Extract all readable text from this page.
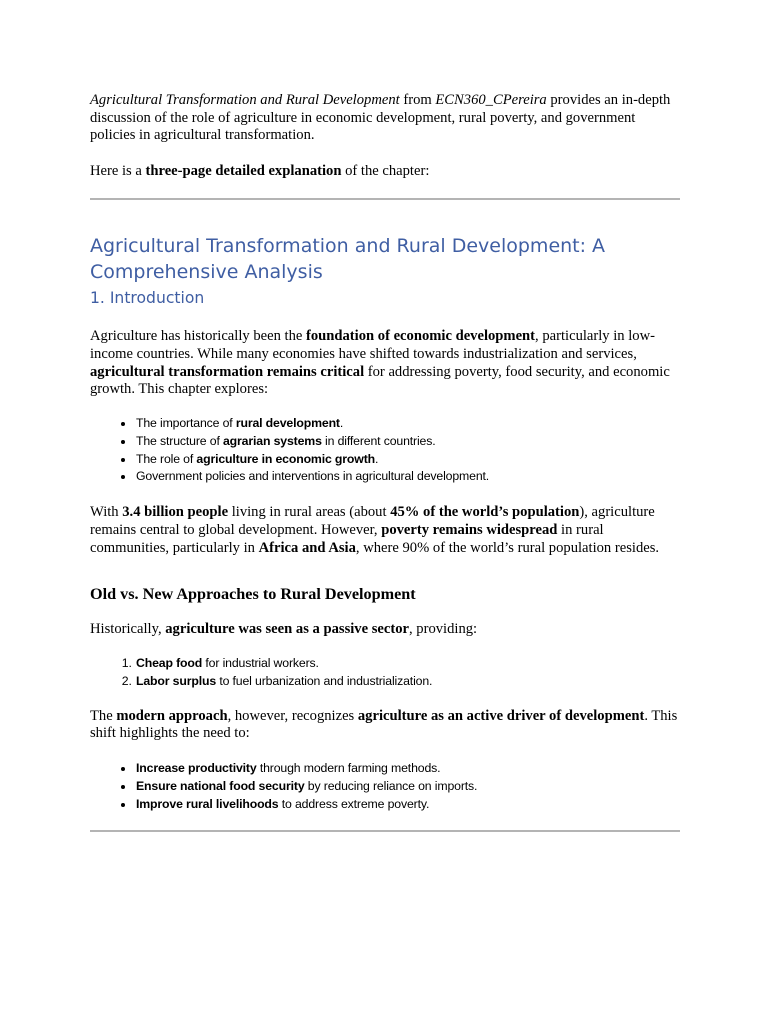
Agricultural Transformation and Rural Development from ECN360_CPereira provides an in-depth discussion of the role of agriculture in economic development, rural poverty, and government policies in agricultural transformation.

Here is a three-page detailed explanation of the chapter:

Agricultural Transformation and Rural Development: A Comprehensive Analysis
1. Introduction

Agriculture has historically been the foundation of economic development, particularly in low-income countries. While many economies have shifted towards industrialization and services, agricultural transformation remains critical for addressing poverty, food security, and economic growth. This chapter explores:

• The importance of rural development.
• The structure of agrarian systems in different countries.
• The role of agriculture in economic growth.
• Government policies and interventions in agricultural development.

With 3.4 billion people living in rural areas (about 45% of the world’s population), agriculture remains central to global development. However, poverty remains widespread in rural communities, particularly in Africa and Asia, where 90% of the world’s rural population resides.

Old vs. New Approaches to Rural Development

Historically, agriculture was seen as a passive sector, providing:

1. Cheap food for industrial workers.
2. Labor surplus to fuel urbanization and industrialization.

The modern approach, however, recognizes agriculture as an active driver of development. This shift highlights the need to:

• Increase productivity through modern farming methods.
• Ensure national food security by reducing reliance on imports.
• Improve rural livelihoods to address extreme poverty.
